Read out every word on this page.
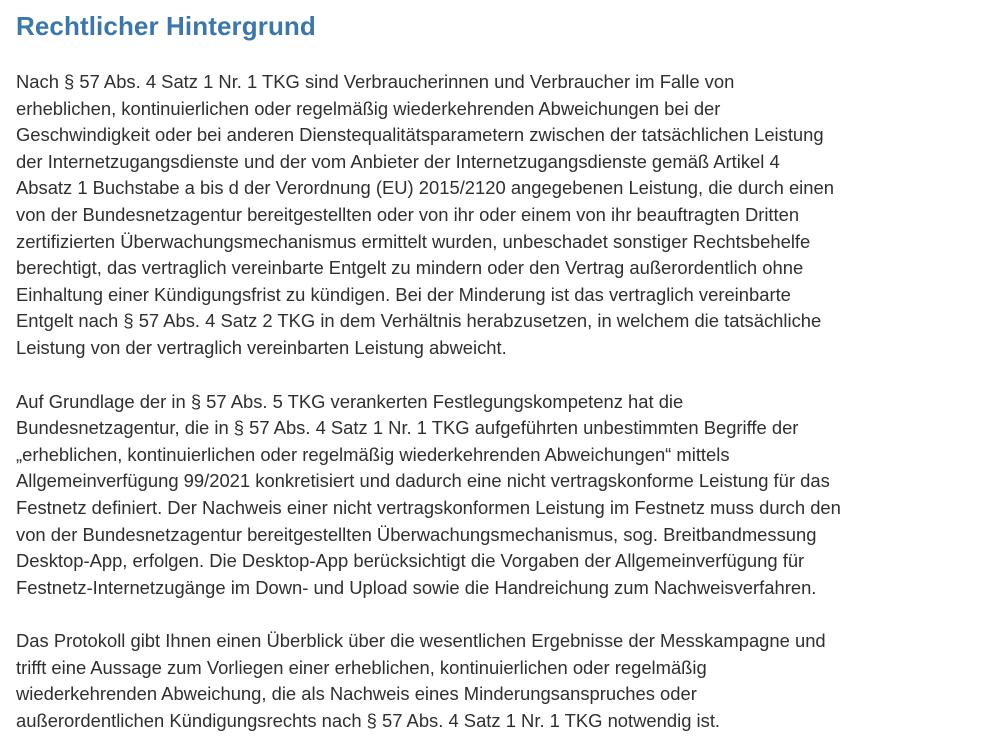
Rechtlicher Hintergrund

Nach § 57 Abs. 4 Satz 1 Nr. 1 TKG sind Verbraucherinnen und Verbraucher im Falle von
erheblichen, kontinuierlichen oder regelmäßig wiederkehrenden Abweichungen bei der
Geschwindigkeit oder bei anderen Dienstequalitätsparametern zwischen der tatsächlichen Leistung
der Internetzugangsdienste und der vom Anbieter der Internetzugangsdienste gemäß Artikel 4
Absatz 1 Buchstabe a bis d der Verordnung (EU) 2015/2120 angegebenen Leistung, die durch einen
von der Bundesnetzagentur bereitgestellten oder von ihr oder einem von ihr beauftragten Dritten
zertifizierten Überwachungsmechanismus ermittelt wurden, unbeschadet sonstiger Rechtsbehelfe
berechtigt, das vertraglich vereinbarte Entgelt zu mindern oder den Vertrag außerordentlich ohne
Einhaltung einer Kündigungsfrist zu kündigen. Bei der Minderung ist das vertraglich vereinbarte
Entgelt nach § 57 Abs. 4 Satz 2 TKG in dem Verhältnis herabzusetzen, in welchem die tatsächliche
Leistung von der vertraglich vereinbarten Leistung abweicht.

Auf Grundlage der in § 57 Abs. 5 TKG verankerten Festlegungskompetenz hat die
Bundesnetzagentur, die in § 57 Abs. 4 Satz 1 Nr. 1 TKG aufgeführten unbestimmten Begriffe der
„erheblichen, kontinuierlichen oder regelmäßig wiederkehrenden Abweichungen“ mittels
Allgemeinverfügung 99/2021 konkretisiert und dadurch eine nicht vertragskonforme Leistung für das
Festnetz definiert. Der Nachweis einer nicht vertragskonformen Leistung im Festnetz muss durch den
von der Bundesnetzagentur bereitgestellten Überwachungsmechanismus, sog. Breitbandmessung
Desktop-App, erfolgen. Die Desktop-App berücksichtigt die Vorgaben der Allgemeinverfügung für
Festnetz-Internetzugänge im Down- und Upload sowie die Handreichung zum Nachweisverfahren.

Das Protokoll gibt Ihnen einen Überblick über die wesentlichen Ergebnisse der Messkampagne und
trifft eine Aussage zum Vorliegen einer erheblichen, kontinuierlichen oder regelmäßig
wiederkehrenden Abweichung, die als Nachweis eines Minderungsanspruches oder
außerordentlichen Kündigungsrechts nach § 57 Abs. 4 Satz 1 Nr. 1 TKG notwendig ist.
